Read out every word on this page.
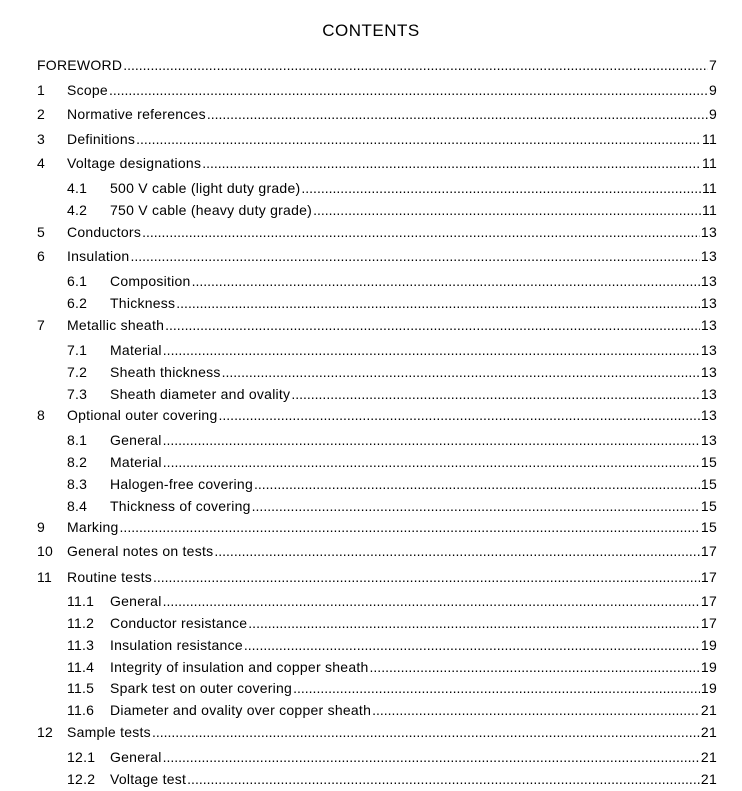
CONTENTS
FOREWORD .....	7
1	Scope .....	9
2	Normative references .....	9
3	Definitions .....	11
4	Voltage designations .....	11
4.1	500 V cable (light duty grade) .....	11
4.2	750 V cable (heavy duty grade) .....	11
5	Conductors .....	13
6	Insulation .....	13
6.1	Composition .....	13
6.2	Thickness .....	13
7	Metallic sheath .....	13
7.1	Material .....	13
7.2	Sheath thickness .....	13
7.3	Sheath diameter and ovality .....	13
8	Optional outer covering .....	13
8.1	General .....	13
8.2	Material .....	15
8.3	Halogen-free covering .....	15
8.4	Thickness of covering .....	15
9	Marking .....	15
10 General notes on tests .....	17
11	Routine tests .....	17
11.1	General .....	17
11.2	Conductor resistance .....	17
11.3	Insulation resistance .....	19
11.4	Integrity of insulation and copper sheath .....	19
11.5	Spark test on outer covering .....	19
11.6	Diameter and ovality over copper sheath .....	21
12 Sample tests .....	21
12.1	General .....	21
12.2	Voltage test .....	21
